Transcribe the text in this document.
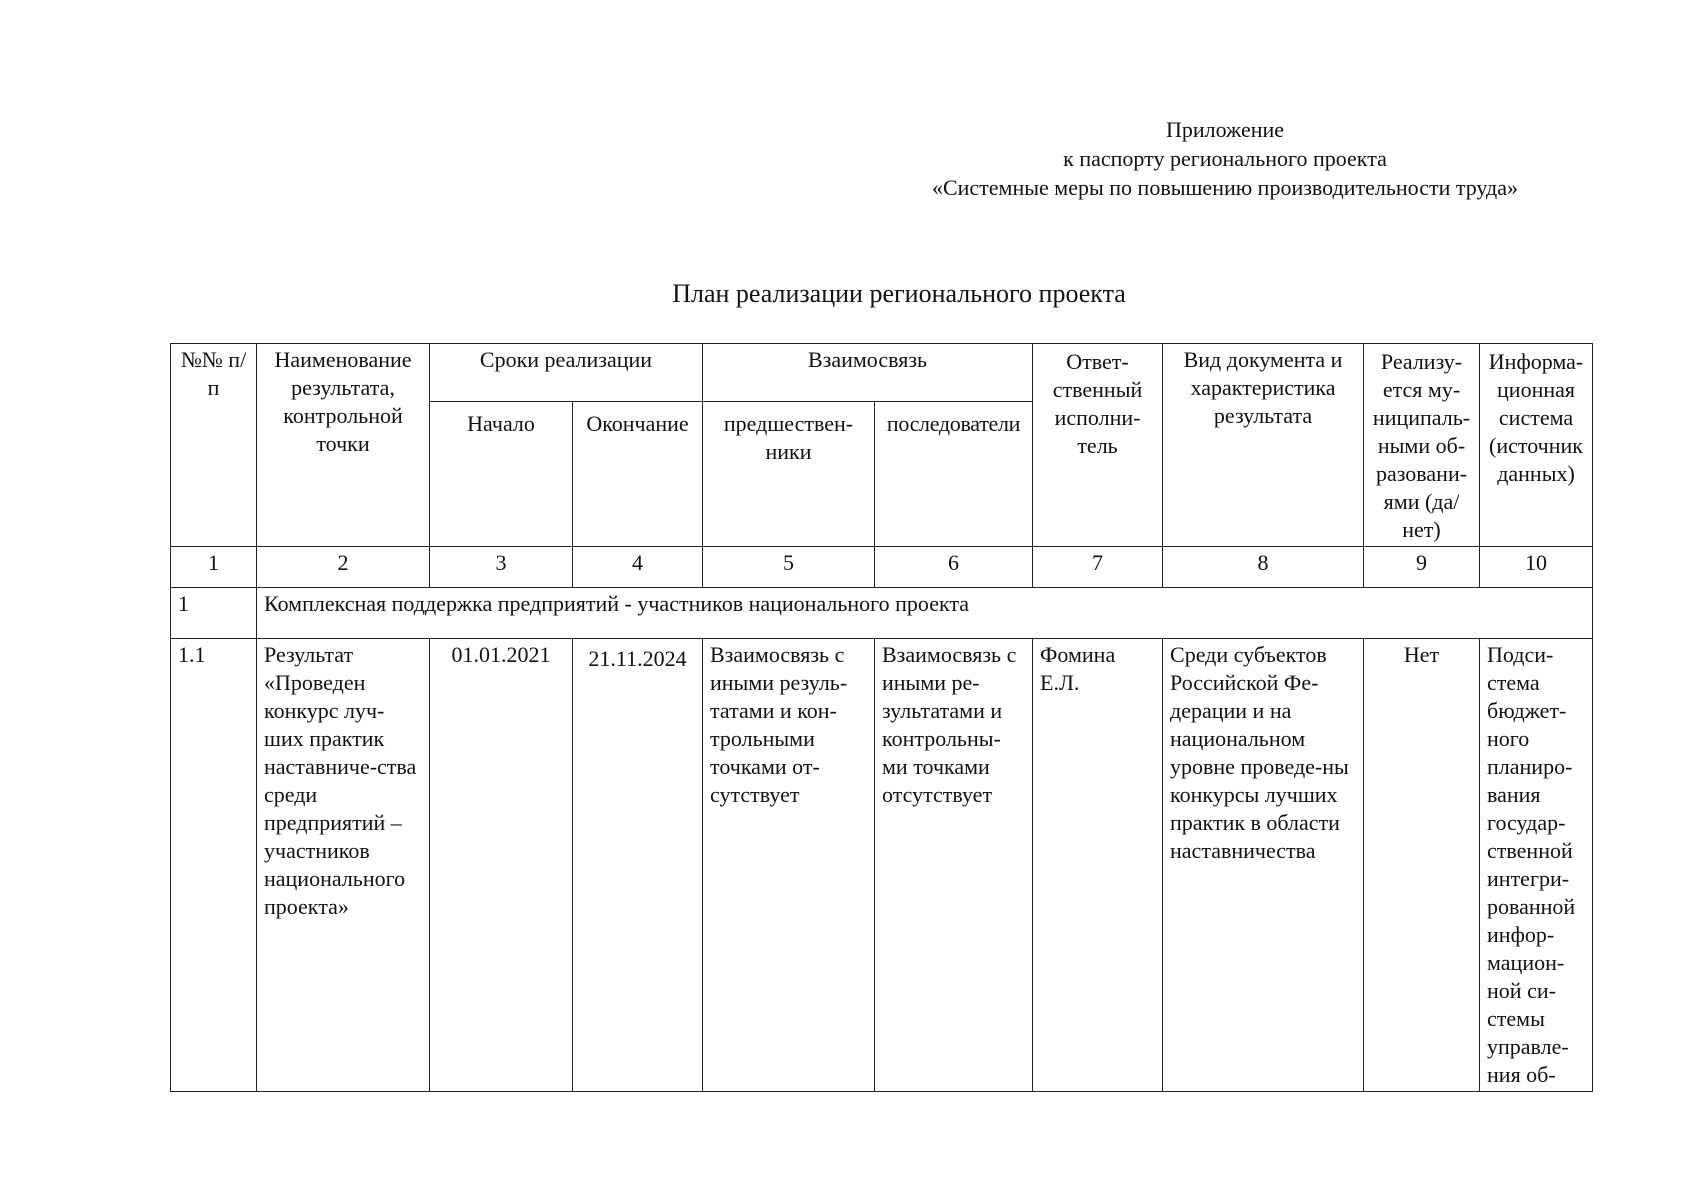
Приложение
к паспорту регионального проекта
«Системные меры по повышению производительности труда»
План реализации регионального проекта
№№ п/п	Наименование результата, контрольной точки	Сроки реализации		Взаимосвязь		Ответ-ственный исполни-тель	Вид документа и характеристика результата	Реализу-ется му-ниципаль-ными об-разовани-ями (да/нет)	Информа-ционная система (источник данных)
		Начало	Окончание	предшествен-ники	последователи				
1	2	3	4	5	6	7	8	9	10
1	Комплексная поддержка предприятий - участников национального проекта								
1.1	Результат «Проведен конкурс луч-ших практик наставниче-ства среди предприятий – участников национального проекта»	01.01.2021	21.11.2024	Взаимосвязь с иными резуль-татами и кон-трольными точками от-сутствует	Взаимосвязь с иными ре-зультатами и контрольны-ми точками отсутствует	Фомина Е.Л.	Среди субъектов Российской Фе-дерации и на национальном уровне проведе-ны конкурсы лучших практик в области наставничества	Нет	Подси-стема бюджет-ного планиро-вания государ-ственной интегри-рованной инфор-мацион-ной си-стемы управле-ния об-
